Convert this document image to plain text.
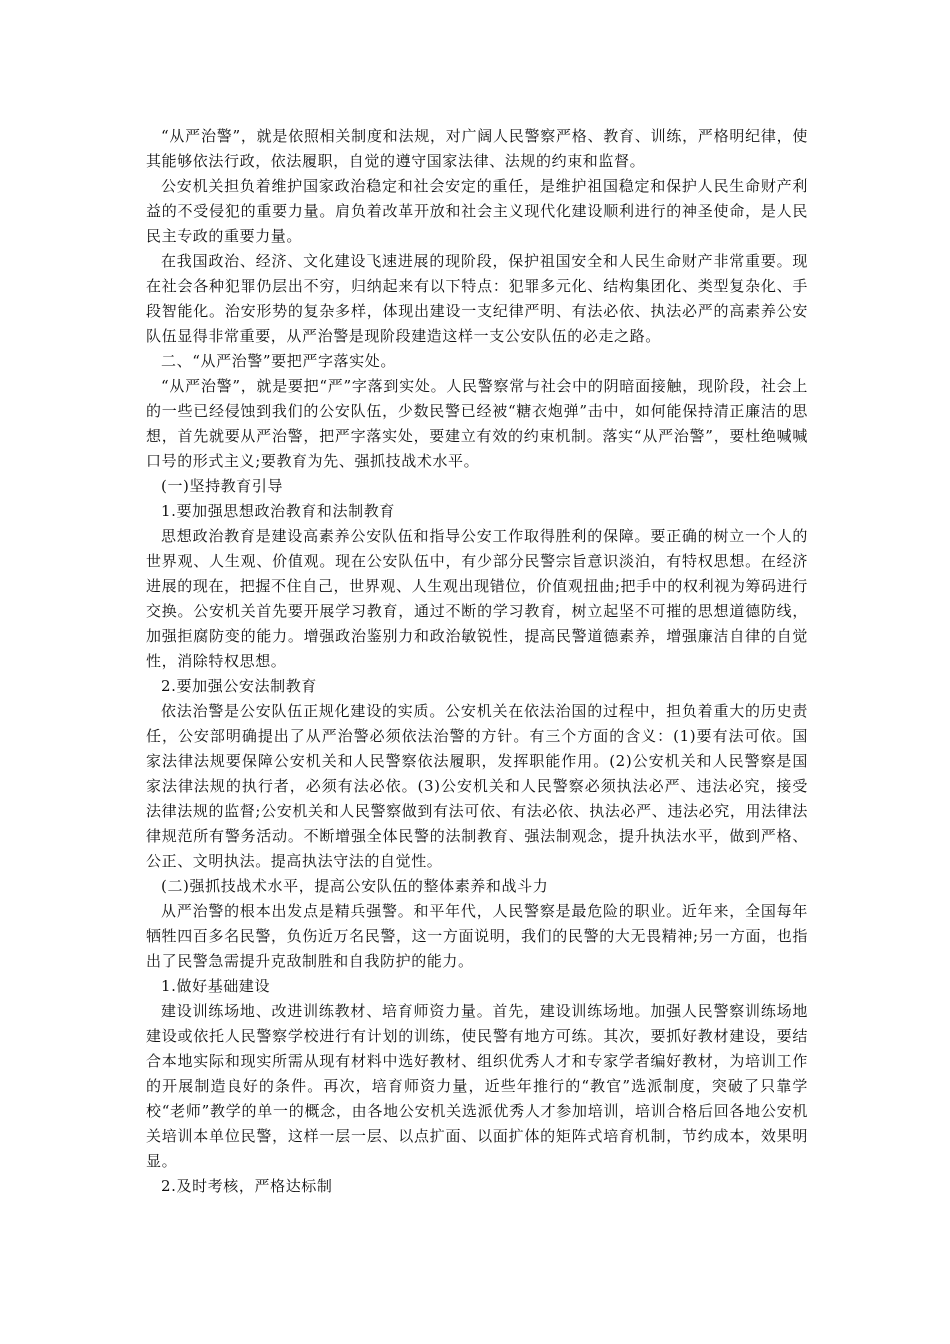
“从严治警”，就是依照相关制度和法规，对广阔人民警察严格、教育、训练，严格明纪律，使其能够依法行政，依法履职，自觉的遵守国家法律、法规的约束和监督。

公安机关担负着维护国家政治稳定和社会安定的重任，是维护祖国稳定和保护人民生命财产利益的不受侵犯的重要力量。肩负着改革开放和社会主义现代化建设顺利进行的神圣使命，是人民民主专政的重要力量。

在我国政治、经济、文化建设飞速进展的现阶段，保护祖国安全和人民生命财产非常重要。现在社会各种犯罪仍层出不穷，归纳起来有以下特点：犯罪多元化、结构集团化、类型复杂化、手段智能化。治安形势的复杂多样，体现出建设一支纪律严明、有法必依、执法必严的高素养公安队伍显得非常重要，从严治警是现阶段建造这样一支公安队伍的必走之路。

二、“从严治警”要把严字落实处。

“从严治警”，就是要把“严”字落到实处。人民警察常与社会中的阴暗面接触，现阶段，社会上的一些已经侵蚀到我们的公安队伍，少数民警已经被“糖衣炮弹”击中，如何能保持清正廉洁的思想，首先就要从严治警，把严字落实处，要建立有效的约束机制。落实“从严治警”，要杜绝喊喊口号的形式主义;要教育为先、强抓技战术水平。

(一)坚持教育引导

1.要加强思想政治教育和法制教育

思想政治教育是建设高素养公安队伍和指导公安工作取得胜利的保障。要正确的树立一个人的世界观、人生观、价值观。现在公安队伍中，有少部分民警宗旨意识淡泊，有特权思想。在经济进展的现在，把握不住自己，世界观、人生观出现错位，价值观扭曲;把手中的权利视为筹码进行交换。公安机关首先要开展学习教育，通过不断的学习教育，树立起坚不可摧的思想道德防线，加强拒腐防变的能力。增强政治鉴别力和政治敏锐性，提高民警道德素养，增强廉洁自律的自觉性，消除特权思想。

2.要加强公安法制教育

依法治警是公安队伍正规化建设的实质。公安机关在依法治国的过程中，担负着重大的历史责任，公安部明确提出了从严治警必须依法治警的方针。有三个方面的含义：(1)要有法可依。国家法律法规要保障公安机关和人民警察依法履职，发挥职能作用。(2)公安机关和人民警察是国家法律法规的执行者，必须有法必依。(3)公安机关和人民警察必须执法必严、违法必究，接受法律法规的监督;公安机关和人民警察做到有法可依、有法必依、执法必严、违法必究，用法律法律规范所有警务活动。不断增强全体民警的法制教育、强法制观念，提升执法水平，做到严格、公正、文明执法。提高执法守法的自觉性。

(二)强抓技战术水平，提高公安队伍的整体素养和战斗力

从严治警的根本出发点是精兵强警。和平年代，人民警察是最危险的职业。近年来，全国每年牺牲四百多名民警，负伤近万名民警，这一方面说明，我们的民警的大无畏精神;另一方面，也指出了民警急需提升克敌制胜和自我防护的能力。

1.做好基础建设

建设训练场地、改进训练教材、培育师资力量。首先，建设训练场地。加强人民警察训练场地建设或依托人民警察学校进行有计划的训练，使民警有地方可练。其次，要抓好教材建设，要结合本地实际和现实所需从现有材料中选好教材、组织优秀人才和专家学者编好教材，为培训工作的开展制造良好的条件。再次，培育师资力量，近些年推行的“教官”选派制度，突破了只靠学校“老师”教学的单一的概念，由各地公安机关选派优秀人才参加培训，培训合格后回各地公安机关培训本单位民警，这样一层一层、以点扩面、以面扩体的矩阵式培育机制，节约成本，效果明显。

2.及时考核，严格达标制
